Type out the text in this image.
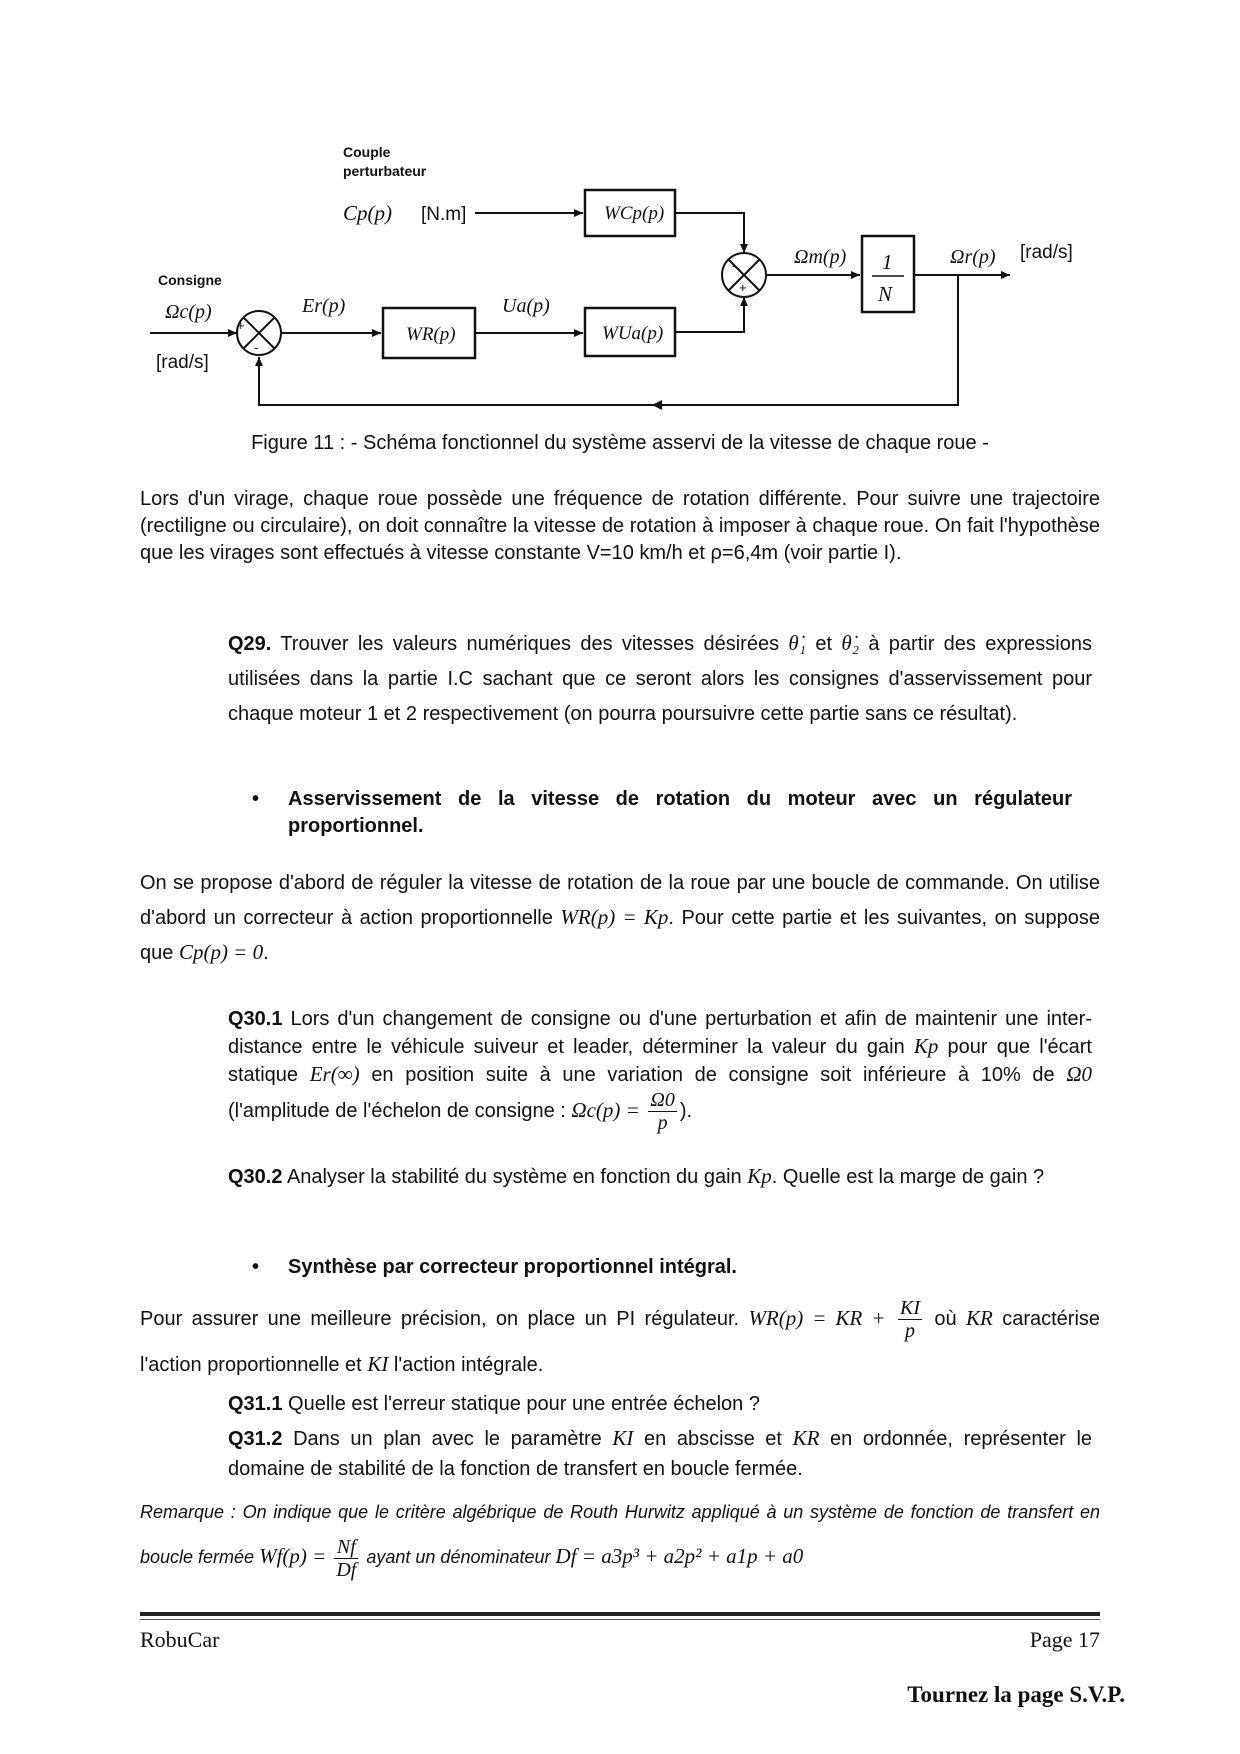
Couple
perturbateur
Cp(p) [N.m]
Consigne
Ωc(p)
[rad/s]
Er(p)	Ua(p)
Ωm(p)	Ωr(p) [rad/s]
+
-
WR(p)	WUa(p)
WCp(p)
-
+
1
N
Figure 11 : - Schéma fonctionnel du système asservi de la vitesse de chaque roue -
Lors d'un virage, chaque roue possède une fréquence de rotation différente. Pour suivre une trajectoire (rectiligne ou circulaire), on doit connaître la vitesse de rotation à imposer à chaque roue. On fait l'hypothèse que les virages sont effectués à vitesse constante V=10 km/h et ρ=6,4m (voir partie I).
Q29. Trouver les valeurs numériques des vitesses désirées θ̇₁ et θ̇₂ à partir des expressions utilisées dans la partie I.C sachant que ce seront alors les consignes d'asservissement pour chaque moteur 1 et 2 respectivement (on pourra poursuivre cette partie sans ce résultat).
•	Asservissement de la vitesse de rotation du moteur avec un régulateur proportionnel.
On se propose d'abord de réguler la vitesse de rotation de la roue par une boucle de commande. On utilise d'abord un correcteur à action proportionnelle WR(p) = Kp. Pour cette partie et les suivantes, on suppose que Cp(p) = 0.
Q30.1 Lors d'un changement de consigne ou d'une perturbation et afin de maintenir une inter-distance entre le véhicule suiveur et leader, déterminer la valeur du gain Kp pour que l'écart statique Er(∞) en position suite à une variation de consigne soit inférieure à 10% de Ω0 (l'amplitude de l'échelon de consigne : $\Omega c(p) = \frac{\Omega 0}{p}$ ).
Q30.2 Analyser la stabilité du système en fonction du gain Kp. Quelle est la marge de gain ?
•	Synthèse par correcteur proportionnel intégral.
Pour assurer une meilleure précision, on place un PI régulateur. WR(p) = KR + $\frac{KI}{p}$ où KR caractérise l'action proportionnelle et KI l'action intégrale.
Q31.1 Quelle est l'erreur statique pour une entrée échelon ?
Q31.2 Dans un plan avec le paramètre KI en abscisse et KR en ordonnée, représenter le domaine de stabilité de la fonction de transfert en boucle fermée.
Remarque : On indique que le critère algébrique de Routh Hurwitz appliqué à un système de fonction de transfert en boucle fermée $Wf(p) = \frac{Nf}{Df}$ ayant un dénominateur Df = a3p³ + a2p² + a1p + a0
RobuCar	Page 17
Tournez la page S.V.P.
